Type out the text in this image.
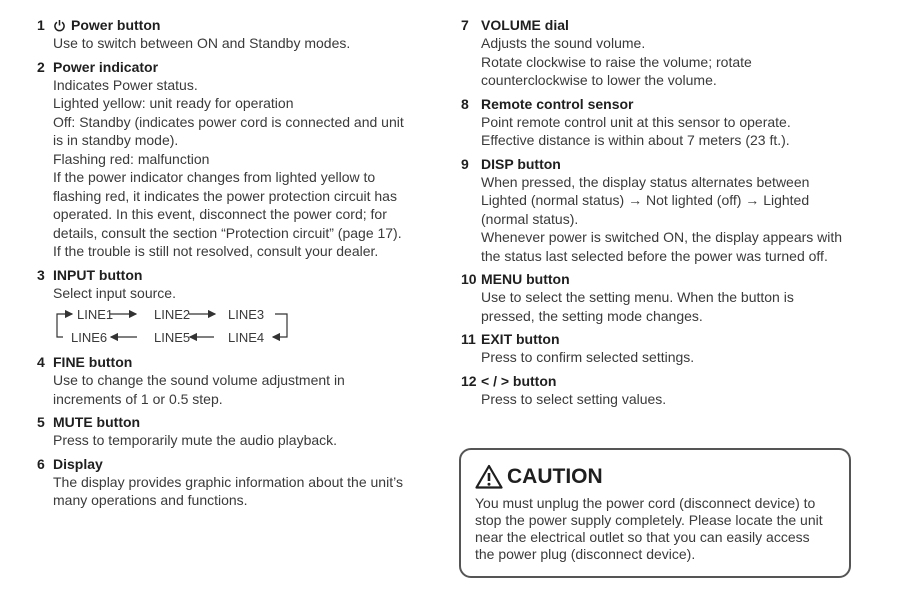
1	Power button
Use to switch between ON and Standby modes.
2 Power indicator
Indicates Power status.
Lighted yellow: unit ready for operation
Off: Standby (indicates power cord is connected and unit
is in standby mode).
Flashing red: malfunction
If the power indicator changes from lighted yellow to
flashing red, it indicates the power protection circuit has
operated. In this event, disconnect the power cord; for
details, consult the section “Protection circuit” (page 17).
If the trouble is still not resolved, consult your dealer.
3 INPUT button
Select input source.
LINE1	LINE2	LINE3
LINE4
LINE5
LINE6
4 FINE button
Use to change the sound volume adjustment in
increments of 1 or 0.5 step.
5 MUTE button
Press to temporarily mute the audio playback.
6 Display
The display provides graphic information about the unit’s
many operations and functions.
7 VOLUME dial
Adjusts the sound volume.
Rotate clockwise to raise the volume; rotate
counterclockwise to lower the volume.
8 Remote control sensor
Point remote control unit at this sensor to operate.
Effective distance is within about 7 meters (23 ft.).
9 DISP button
When pressed, the display status alternates between
Lighted (normal status) → Not lighted (off) → Lighted
(normal status).
Whenever power is switched ON, the display appears with
the status last selected before the power was turned off.
10 MENU button
Use to select the setting menu. When the button is
pressed, the setting mode changes.
11 EXIT button
Press to confirm selected settings.
12 < / > button
Press to select setting values.
CAUTION
You must unplug the power cord (disconnect device) to
stop the power supply completely. Please locate the unit
near the electrical outlet so that you can easily access
the power plug (disconnect device).
